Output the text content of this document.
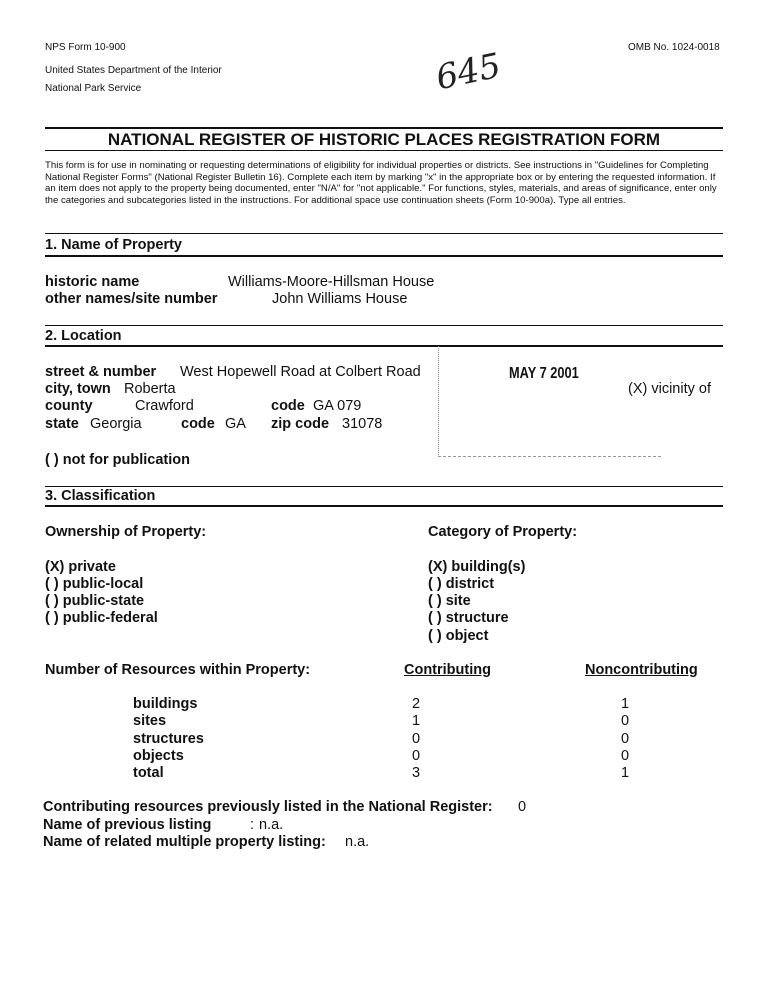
NPS Form 10-900
United States Department of the Interior
National Park Service
OMB No. 1024-0018
645
NATIONAL REGISTER OF HISTORIC PLACES REGISTRATION FORM
This form is for use in nominating or requesting determinations of eligibility for individual properties or districts. See instructions in "Guidelines for Completing National Register Forms" (National Register Bulletin 16). Complete each item by marking "x" in the appropriate box or by entering the requested information. If an item does not apply to the property being documented, enter "N/A" for "not applicable." For functions, styles, materials, and areas of significance, enter only the categories and subcategories listed in the instructions. For additional space use continuation sheets (Form 10-900a). Type all entries.
1. Name of Property
historic name	Williams-Moore-Hillsman House
other names/site number	John Williams House
2. Location
MAY 7 2001
street & number West Hopewell Road at Colbert Road
city, town Roberta	(X) vicinity of
county	Crawford	code GA 079
state Georgia	code GA zip code 31078
( ) not for publication
3. Classification
Ownership of Property:	Category of Property:
(X) private
( ) public-local
( ) public-state
( ) public-federal
(X) building(s)
( ) district
( ) site
( ) structure
( ) object
Number of Resources within Property:	Contributing	Noncontributing
buildings	2	1
sites	1	0
structures	0	0
objects	0	0
total	3	1
Contributing resources previously listed in the National Register: 0
Name of previous listing	: n.a.
Name of related multiple property listing: n.a.
